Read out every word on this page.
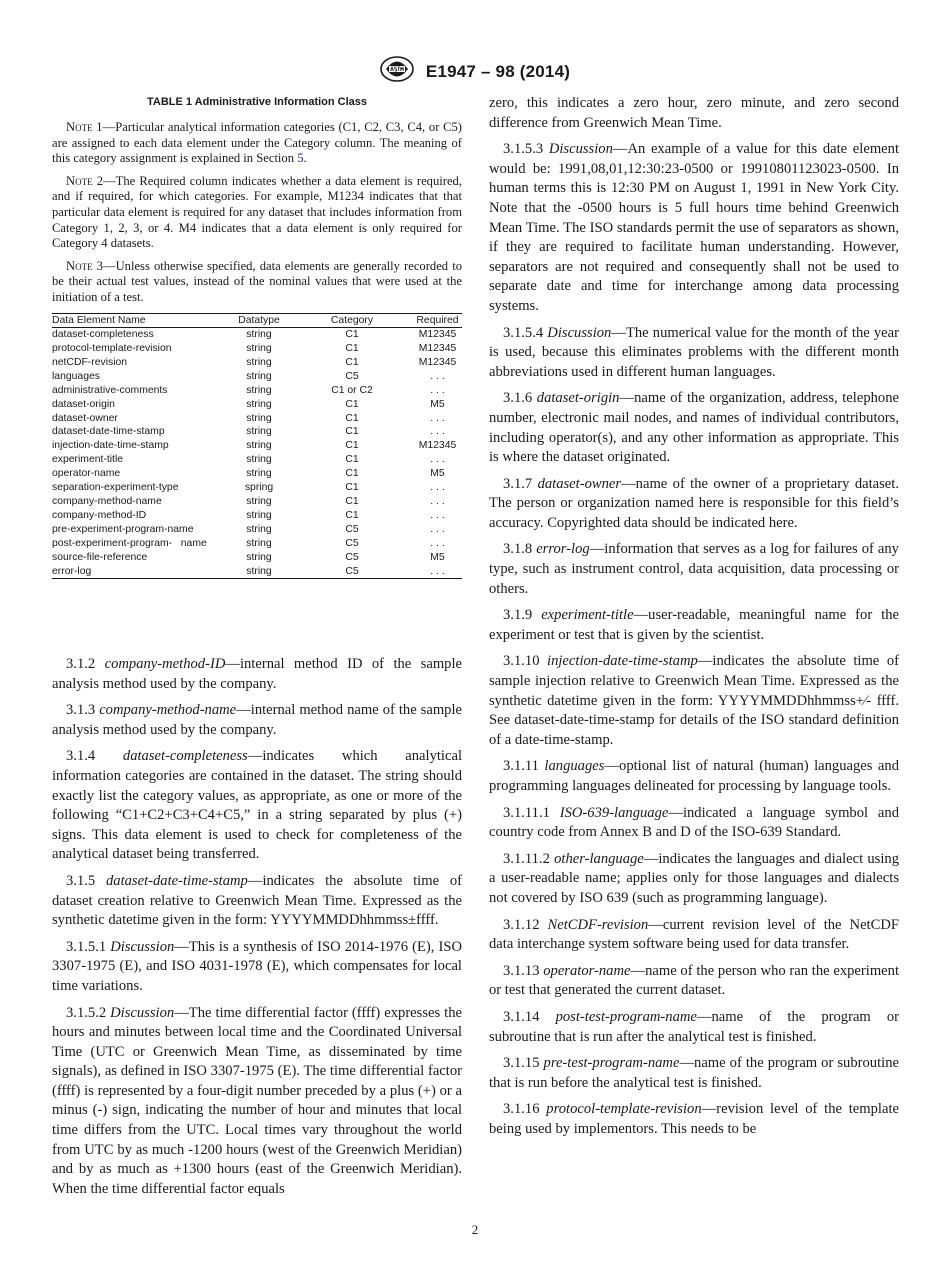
E1947 – 98 (2014)
TABLE 1 Administrative Information Class

Note 1—Particular analytical information categories (C1, C2, C3, C4, or C5) are assigned to each data element under the Category column. The meaning of this category assignment is explained in Section 5.

Note 2—The Required column indicates whether a data element is required, and if required, for which categories. For example, M1234 indicates that that particular data element is required for any dataset that includes information from Category 1, 2, 3, or 4. M4 indicates that a data element is only required for Category 4 datasets.

Note 3—Unless otherwise specified, data elements are generally recorded to be their actual test values, instead of the nominal values that were used at the initiation of a test.

Data Element Name	Datatype	Category	Required
dataset-completeness	string	C1	M12345
protocol-template-revision	string	C1	M12345
netCDF-revision	string	C1	M12345
languages	string	C5	. . .
administrative-comments	string	C1 or C2	. . .
dataset-origin	string	C1	M5
dataset-owner	string	C1	. . .
dataset-date-time-stamp	string	C1	. . .
injection-date-time-stamp	string	C1	M12345
experiment-title	string	C1	. . .
operator-name	string	C1	M5
separation-experiment-type	spring	C1	. . .
company-method-name	string	C1	. . .
company-method-ID	string	C1	. . .
pre-experiment-program-name	string	C5	. . .
post-experiment-program-   name	string	C5	. . .
source-file-reference	string	C5	M5
error-log	string	C5	. . .

3.1.2 company-method-ID—internal method ID of the sample analysis method used by the company.

3.1.3 company-method-name—internal method name of the sample analysis method used by the company.

3.1.4 dataset-completeness—indicates which analytical information categories are contained in the dataset. The string should exactly list the category values, as appropriate, as one or more of the following “C1+C2+C3+C4+C5,” in a string separated by plus (+) signs. This data element is used to check for completeness of the analytical dataset being transferred.

3.1.5 dataset-date-time-stamp—indicates the absolute time of dataset creation relative to Greenwich Mean Time. Expressed as the synthetic datetime given in the form: YYYYMMDDhhmmss±ffff.

3.1.5.1 Discussion—This is a synthesis of ISO 2014-1976 (E), ISO 3307-1975 (E), and ISO 4031-1978 (E), which compensates for local time variations.

3.1.5.2 Discussion—The time differential factor (ffff) expresses the hours and minutes between local time and the Coordinated Universal Time (UTC or Greenwich Mean Time, as disseminated by time signals), as defined in ISO 3307-1975 (E). The time differential factor (ffff) is represented by a four-digit number preceded by a plus (+) or a minus (-) sign, indicating the number of hour and minutes that local time differs from the UTC. Local times vary throughout the world from UTC by as much -1200 hours (west of the Greenwich Meridian) and by as much as +1300 hours (east of the Greenwich Meridian). When the time differential factor equals

zero, this indicates a zero hour, zero minute, and zero second difference from Greenwich Mean Time.

3.1.5.3 Discussion—An example of a value for this date element would be: 1991,08,01,12:30:23-0500 or 19910801123023-0500. In human terms this is 12:30 PM on August 1, 1991 in New York City. Note that the -0500 hours is 5 full hours time behind Greenwich Mean Time. The ISO standards permit the use of separators as shown, if they are required to facilitate human understanding. However, separators are not required and consequently shall not be used to separate date and time for interchange among data processing systems.

3.1.5.4 Discussion—The numerical value for the month of the year is used, because this eliminates problems with the different month abbreviations used in different human languages.

3.1.6 dataset-origin—name of the organization, address, telephone number, electronic mail nodes, and names of individual contributors, including operator(s), and any other information as appropriate. This is where the dataset originated.

3.1.7 dataset-owner—name of the owner of a proprietary dataset. The person or organization named here is responsible for this field’s accuracy. Copyrighted data should be indicated here.

3.1.8 error-log—information that serves as a log for failures of any type, such as instrument control, data acquisition, data processing or others.

3.1.9 experiment-title—user-readable, meaningful name for the experiment or test that is given by the scientist.

3.1.10 injection-date-time-stamp—indicates the absolute time of sample injection relative to Greenwich Mean Time. Expressed as the synthetic datetime given in the form: YYYYMMDDhhmmss+⁄- ffff. See dataset-date-time-stamp for details of the ISO standard definition of a date-time-stamp.

3.1.11 languages—optional list of natural (human) languages and programming languages delineated for processing by language tools.

3.1.11.1 ISO-639-language—indicated a language symbol and country code from Annex B and D of the ISO-639 Standard.

3.1.11.2 other-language—indicates the languages and dialect using a user-readable name; applies only for those languages and dialects not covered by ISO 639 (such as programming language).

3.1.12 NetCDF-revision—current revision level of the NetCDF data interchange system software being used for data transfer.

3.1.13 operator-name—name of the person who ran the experiment or test that generated the current dataset.

3.1.14 post-test-program-name—name of the program or subroutine that is run after the analytical test is finished.

3.1.15 pre-test-program-name—name of the program or subroutine that is run before the analytical test is finished.

3.1.16 protocol-template-revision—revision level of the template being used by implementors. This needs to be

2
